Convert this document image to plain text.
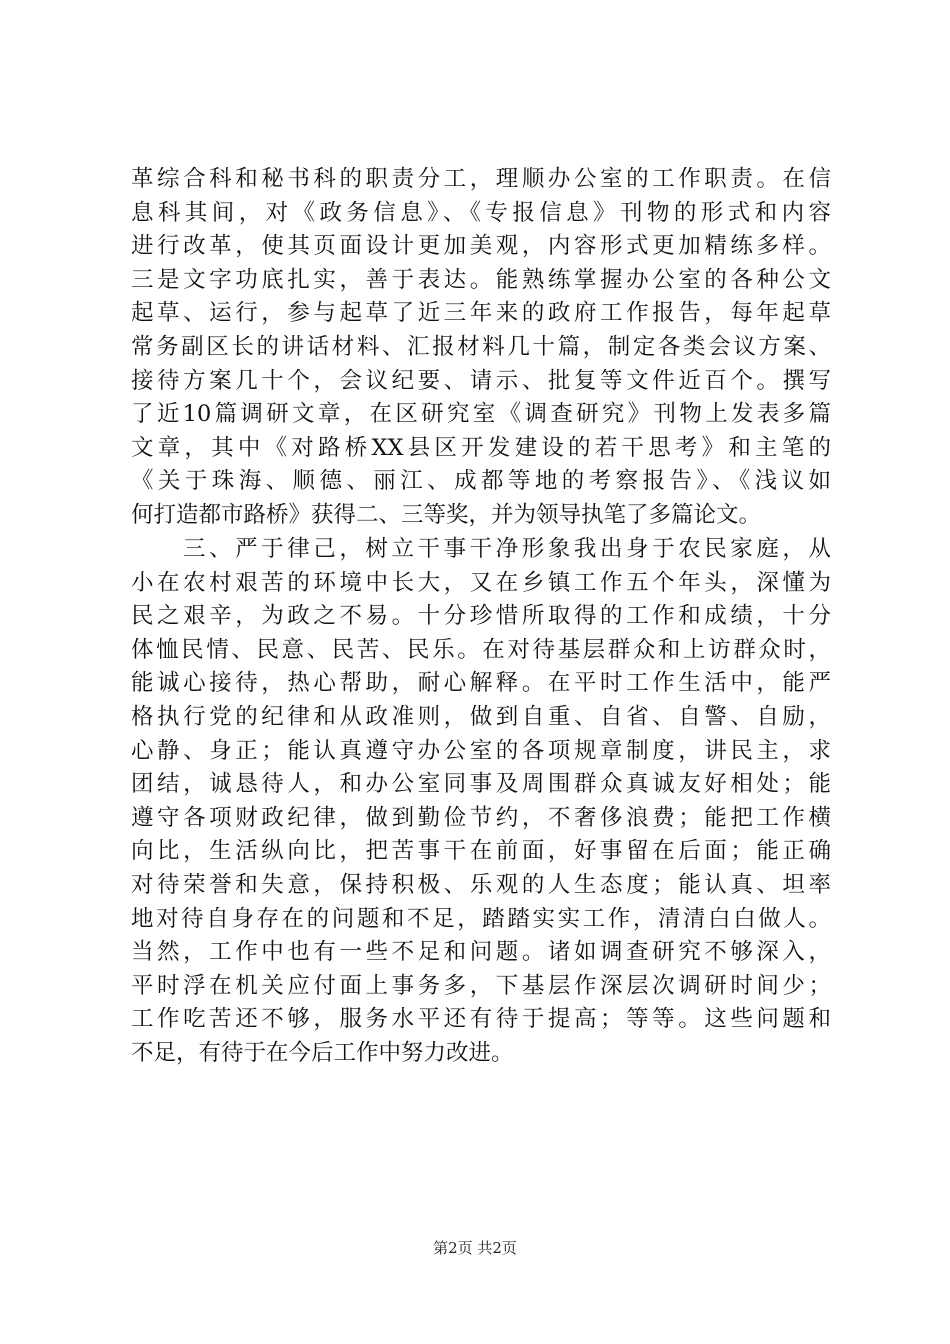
革综合科和秘书科的职责分工，理顺办公室的工作职责。在信
息科其间，对《政务信息》、《专报信息》刊物的形式和内容
进行改革，使其页面设计更加美观，内容形式更加精练多样。
三是文字功底扎实，善于表达。能熟练掌握办公室的各种公文
起草、运行，参与起草了近三年来的政府工作报告，每年起草
常务副区长的讲话材料、汇报材料几十篇，制定各类会议方案、
接待方案几十个，会议纪要、请示、批复等文件近百个。撰写
了近10篇调研文章，在区研究室《调查研究》刊物上发表多篇
文章，其中《对路桥XX县区开发建设的若干思考》和主笔的
《关于珠海、顺德、丽江、成都等地的考察报告》、《浅议如
何打造都市路桥》获得二、三等奖，并为领导执笔了多篇论文。
三、严于律己，树立干事干净形象我出身于农民家庭，从
小在农村艰苦的环境中长大，又在乡镇工作五个年头，深懂为
民之艰辛，为政之不易。十分珍惜所取得的工作和成绩，十分
体恤民情、民意、民苦、民乐。在对待基层群众和上访群众时，
能诚心接待，热心帮助，耐心解释。在平时工作生活中，能严
格执行党的纪律和从政准则，做到自重、自省、自警、自励，
心静、身正；能认真遵守办公室的各项规章制度，讲民主，求
团结，诚恳待人，和办公室同事及周围群众真诚友好相处；能
遵守各项财政纪律，做到勤俭节约，不奢侈浪费；能把工作横
向比，生活纵向比，把苦事干在前面，好事留在后面；能正确
对待荣誉和失意，保持积极、乐观的人生态度；能认真、坦率
地对待自身存在的问题和不足，踏踏实实工作，清清白白做人。
当然，工作中也有一些不足和问题。诸如调查研究不够深入，
平时浮在机关应付面上事务多，下基层作深层次调研时间少；
工作吃苦还不够，服务水平还有待于提高；等等。这些问题和
不足，有待于在今后工作中努力改进。
第2页 共2页
